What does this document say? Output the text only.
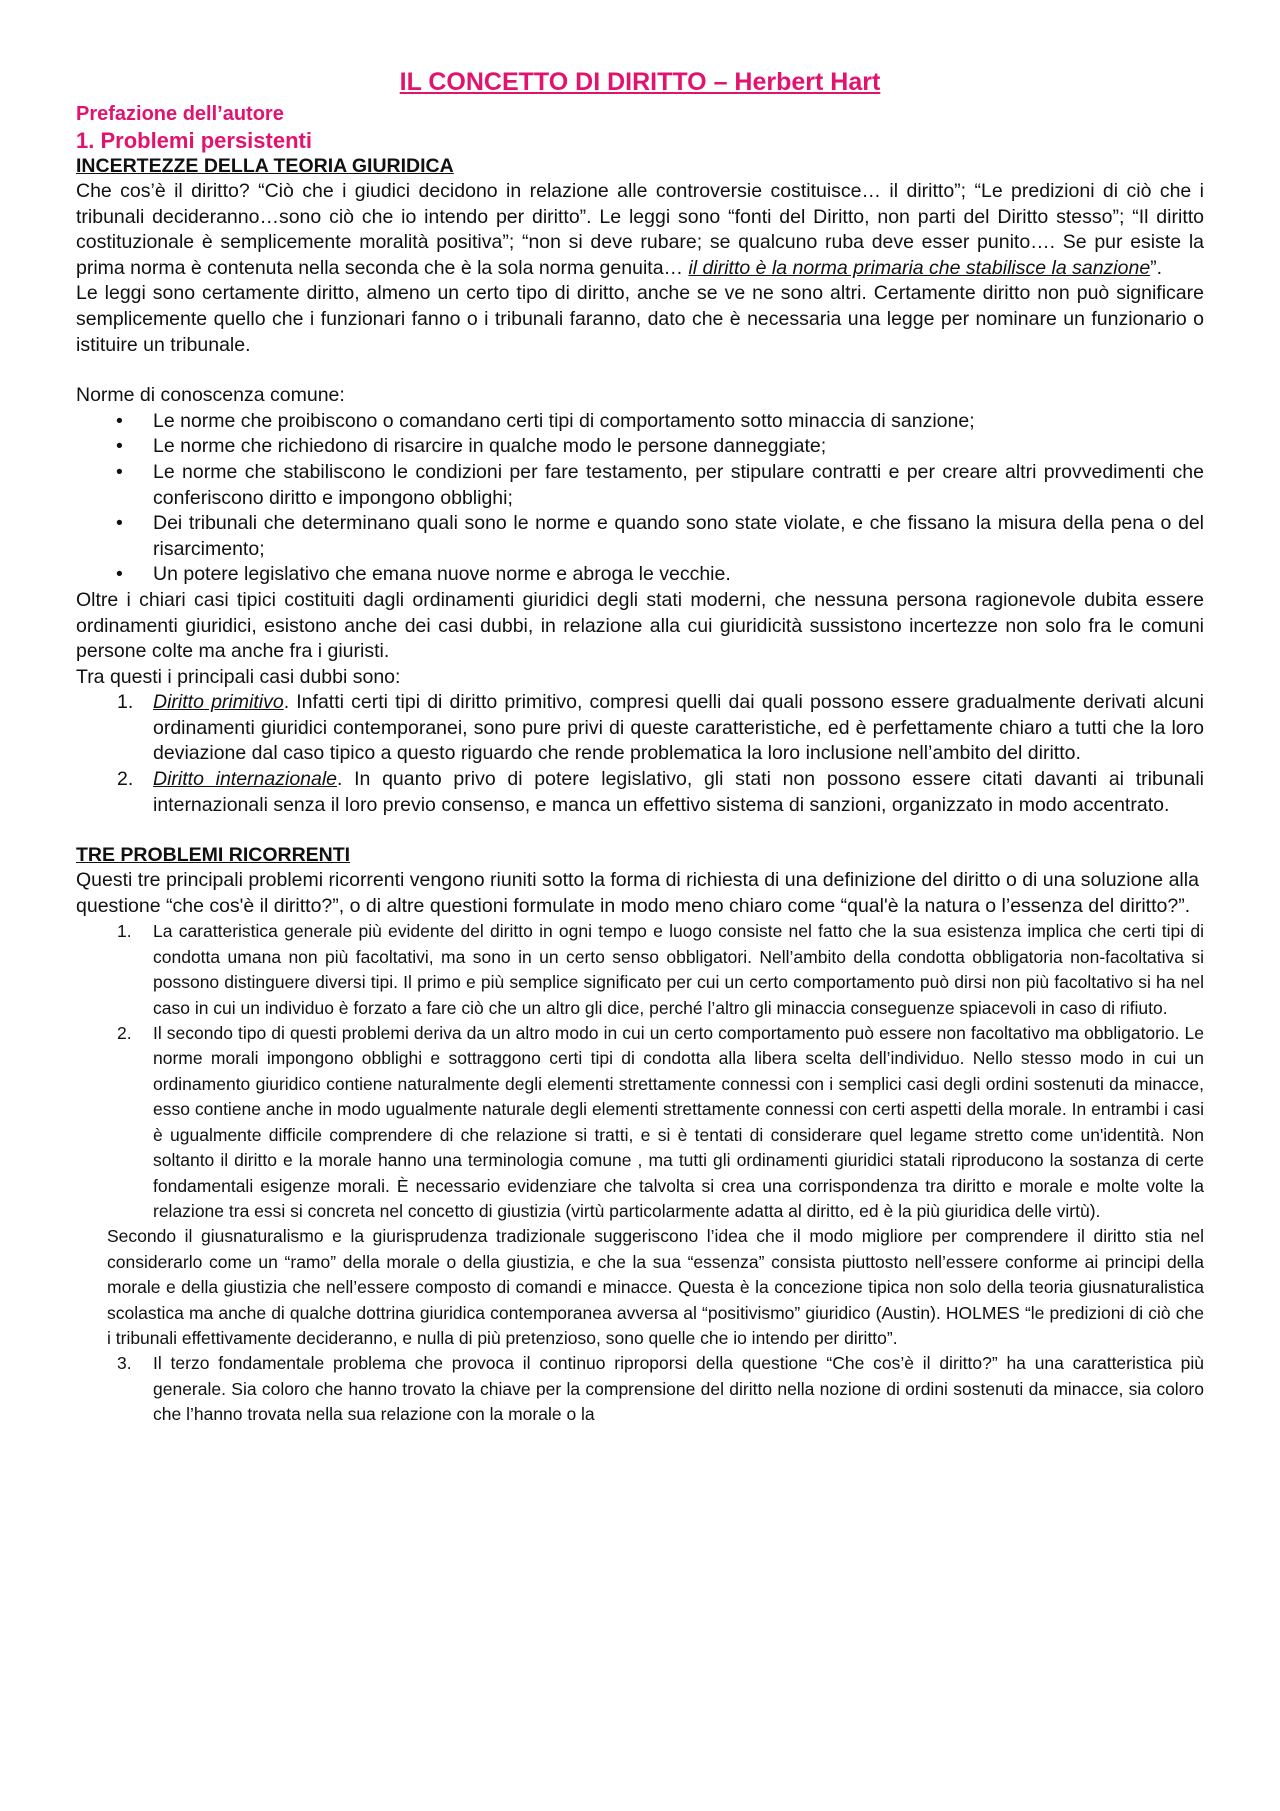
IL CONCETTO DI DIRITTO – Herbert Hart
Prefazione dell’autore
1. Problemi persistenti
INCERTEZZE DELLA TEORIA GIURIDICA

Che cos’è il diritto? “Ciò che i giudici decidono in relazione alle controversie costituisce… il diritto”; “Le predizioni di ciò che i tribunali decideranno…sono ciò che io intendo per diritto”. Le leggi sono “fonti del Diritto, non parti del Diritto stesso”; “Il diritto costituzionale è semplicemente moralità positiva”; “non si deve rubare; se qualcuno ruba deve esser punito…. Se pur esiste la prima norma è contenuta nella seconda che è la sola norma genuita… il diritto è la norma primaria che stabilisce la sanzione”.

Le leggi sono certamente diritto, almeno un certo tipo di diritto, anche se ve ne sono altri. Certamente diritto non può significare semplicemente quello che i funzionari fanno o i tribunali faranno, dato che è necessaria una legge per nominare un funzionario o istituire un tribunale.

Norme di conoscenza comune:

• Le norme che proibiscono o comandano certi tipi di comportamento sotto minaccia di sanzione;
• Le norme che richiedono di risarcire in qualche modo le persone danneggiate;
• Le norme che stabiliscono le condizioni per fare testamento, per stipulare contratti e per creare altri provvedimenti che conferiscono diritto e impongono obblighi;
• Dei tribunali che determinano quali sono le norme e quando sono state violate, e che fissano la misura della pena o del risarcimento;
• Un potere legislativo che emana nuove norme e abroga le vecchie.

Oltre i chiari casi tipici costituiti dagli ordinamenti giuridici degli stati moderni, che nessuna persona ragionevole dubita essere ordinamenti giuridici, esistono anche dei casi dubbi, in relazione alla cui giuridicità sussistono incertezze non solo fra le comuni persone colte ma anche fra i giuristi.

Tra questi i principali casi dubbi sono:

1. Diritto primitivo. Infatti certi tipi di diritto primitivo, compresi quelli dai quali possono essere gradualmente derivati alcuni ordinamenti giuridici contemporanei, sono pure privi di queste caratteristiche, ed è perfettamente chiaro a tutti che la loro deviazione dal caso tipico a questo riguardo che rende problematica la loro inclusione nell’ambito del diritto.
2. Diritto internazionale. In quanto privo di potere legislativo, gli stati non possono essere citati davanti ai tribunali internazionali senza il loro previo consenso, e manca un effettivo sistema di sanzioni, organizzato in modo accentrato.
TRE PROBLEMI RICORRENTI

Questi tre principali problemi ricorrenti vengono riuniti sotto la forma di richiesta di una definizione del diritto o di una soluzione alla questione “che cos'è il diritto?”, o di altre questioni formulate in modo meno chiaro come “qual'è la natura o l’essenza del diritto?”.

1. La caratteristica generale più evidente del diritto in ogni tempo e luogo consiste nel fatto che la sua esistenza implica che certi tipi di condotta umana non più facoltativi, ma sono in un certo senso obbligatori. Nell’ambito della condotta obbligatoria non-facoltativa si possono distinguere diversi tipi. Il primo e più semplice significato per cui un certo comportamento può dirsi non più facoltativo si ha nel caso in cui un individuo è forzato a fare ciò che un altro gli dice, perché l’altro gli minaccia conseguenze spiacevoli in caso di rifiuto.
2. Il secondo tipo di questi problemi deriva da un altro modo in cui un certo comportamento può essere non facoltativo ma obbligatorio. Le norme morali impongono obblighi e sottraggono certi tipi di condotta alla libera scelta dell’individuo. Nello stesso modo in cui un ordinamento giuridico contiene naturalmente degli elementi strettamente connessi con i semplici casi degli ordini sostenuti da minacce, esso contiene anche in modo ugualmente naturale degli elementi strettamente connessi con certi aspetti della morale. In entrambi i casi è ugualmente difficile comprendere di che relazione si tratti, e si è tentati di considerare quel legame stretto come un'identità. Non soltanto il diritto e la morale hanno una terminologia comune , ma tutti gli ordinamenti giuridici statali riproducono la sostanza di certe fondamentali esigenze morali. È necessario evidenziare che talvolta si crea una corrispondenza tra diritto e morale e molte volte la relazione tra essi si concreta nel concetto di giustizia (virtù particolarmente adatta al diritto, ed è la più giuridica delle virtù).

Secondo il giusnaturalismo e la giurisprudenza tradizionale suggeriscono l’idea che il modo migliore per comprendere il diritto stia nel considerarlo come un “ramo” della morale o della giustizia, e che la sua “essenza” consista piuttosto nell’essere conforme ai principi della morale e della giustizia che nell’essere composto di comandi e minacce. Questa è la concezione tipica non solo della teoria giusnaturalistica scolastica ma anche di qualche dottrina giuridica contemporanea avversa al “positivismo” giuridico (Austin). HOLMES “le predizioni di ciò che i tribunali effettivamente decideranno, e nulla di più pretenzioso, sono quelle che io intendo per diritto”.

3. Il terzo fondamentale problema che provoca il continuo riproporsi della questione “Che cos’è il diritto?” ha una caratteristica più generale. Sia coloro che hanno trovato la chiave per la comprensione del diritto nella nozione di ordini sostenuti da minacce, sia coloro che l’hanno trovata nella sua relazione con la morale o la
